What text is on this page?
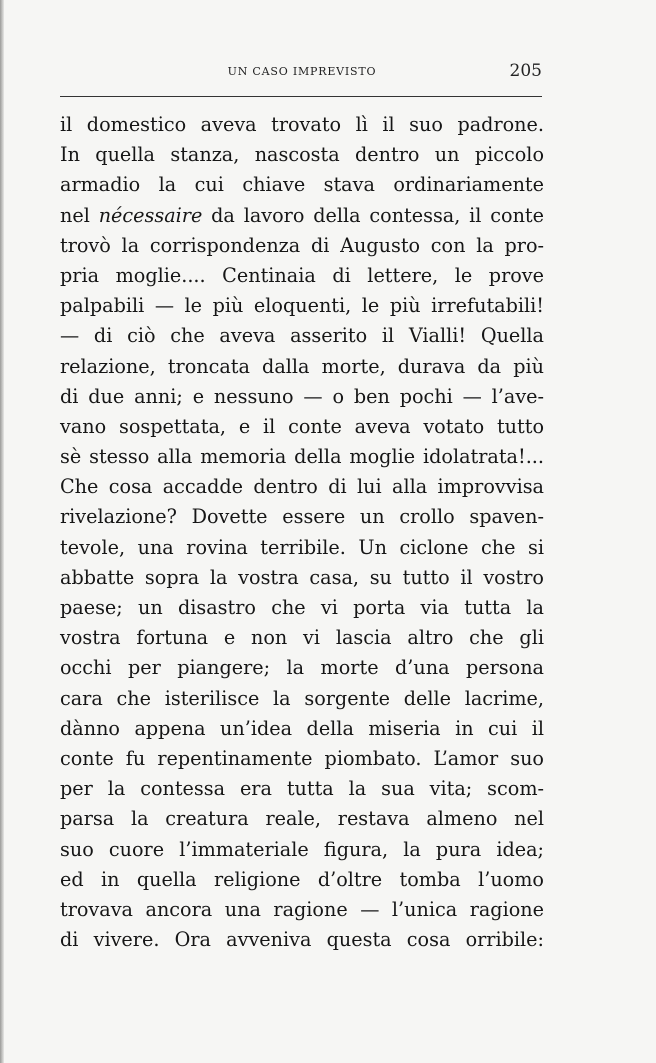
UN CASO IMPREVISTO	205
il domestico aveva trovato lì il suo padrone.
In quella stanza, nascosta dentro un piccolo
armadio la cui chiave stava ordinariamente
nel nécessaire da lavoro della contessa, il conte
trovò la corrispondenza di Augusto con la pro-
pria moglie.... Centinaia di lettere, le prove
palpabili — le più eloquenti, le più irrefutabili!
— di ciò che aveva asserito il Vialli! Quella
relazione, troncata dalla morte, durava da più
di due anni; e nessuno — o ben pochi — l’ave-
vano sospettata, e il conte aveva votato tutto
sè stesso alla memoria della moglie idolatrata!...
Che cosa accadde dentro di lui alla improvvisa
rivelazione? Dovette essere un crollo spaven-
tevole, una rovina terribile. Un ciclone che si
abbatte sopra la vostra casa, su tutto il vostro
paese; un disastro che vi porta via tutta la
vostra fortuna e non vi lascia altro che gli
occhi per piangere; la morte d’una persona
cara che isterilisce la sorgente delle lacrime,
dànno appena un’idea della miseria in cui il
conte fu repentinamente piombato. L’amor suo
per la contessa era tutta la sua vita; scom-
parsa la creatura reale, restava almeno nel
suo cuore l’immateriale figura, la pura idea;
ed in quella religione d’oltre tomba l’uomo
trovava ancora una ragione — l’unica ragione
di vivere. Ora avveniva questa cosa orribile:
